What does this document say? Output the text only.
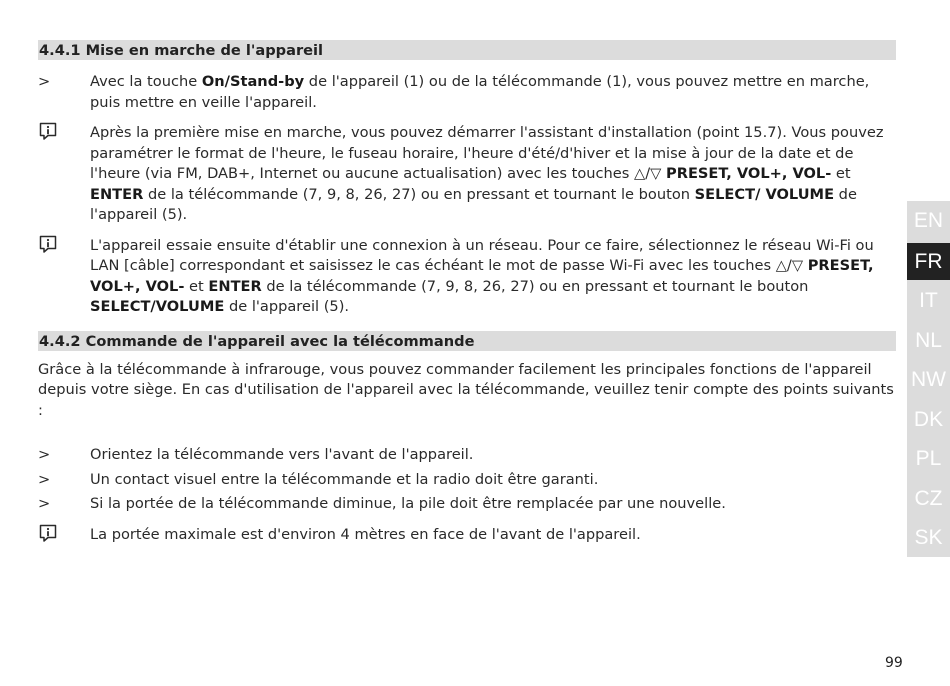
4.4.1 Mise en marche de l'appareil
>	Avec la touche On/Stand-by de l'appareil (1) ou de la télécommande (1), vous pouvez mettre en marche, puis mettre en veille l'appareil.
Après la première mise en marche, vous pouvez démarrer l'assistant d'installation (point 15.7). Vous pouvez paramétrer le format de l'heure, le fuseau horaire, l'heure d'été/d'hiver et la mise à jour de la date et de l'heure (via FM, DAB+, Internet ou aucune actualisation) avec les touches △/▽ PRESET, VOL+, VOL- et ENTER de la télécommande (7, 9, 8, 26, 27) ou en pressant et tournant le bouton SELECT/ VOLUME de l'appareil (5).
L'appareil essaie ensuite d'établir une connexion à un réseau. Pour ce faire, sélectionnez le réseau Wi-Fi ou LAN [câble] correspondant et saisissez le cas échéant le mot de passe Wi-Fi avec les touches △/▽ PRESET, VOL+, VOL- et ENTER de la télécommande (7, 9, 8, 26, 27) ou en pressant et tournant le bouton SELECT/VOLUME de l'appareil (5).
4.4.2 Commande de l'appareil avec la télécommande
Grâce à la télécommande à infrarouge, vous pouvez commander facilement les principales fonctions de l'appareil depuis votre siège. En cas d'utilisation de l'appareil avec la télécommande, veuillez tenir compte des points suivants :
>	Orientez la télécommande vers l'avant de l'appareil.
>	Un contact visuel entre la télécommande et la radio doit être garanti.
>	Si la portée de la télécommande diminue, la pile doit être remplacée par une nouvelle.
La portée maximale est d'environ 4 mètres en face de l'avant de l'appareil.
EN
FR
IT
NL
NW
DK
PL
CZ
SK
99
